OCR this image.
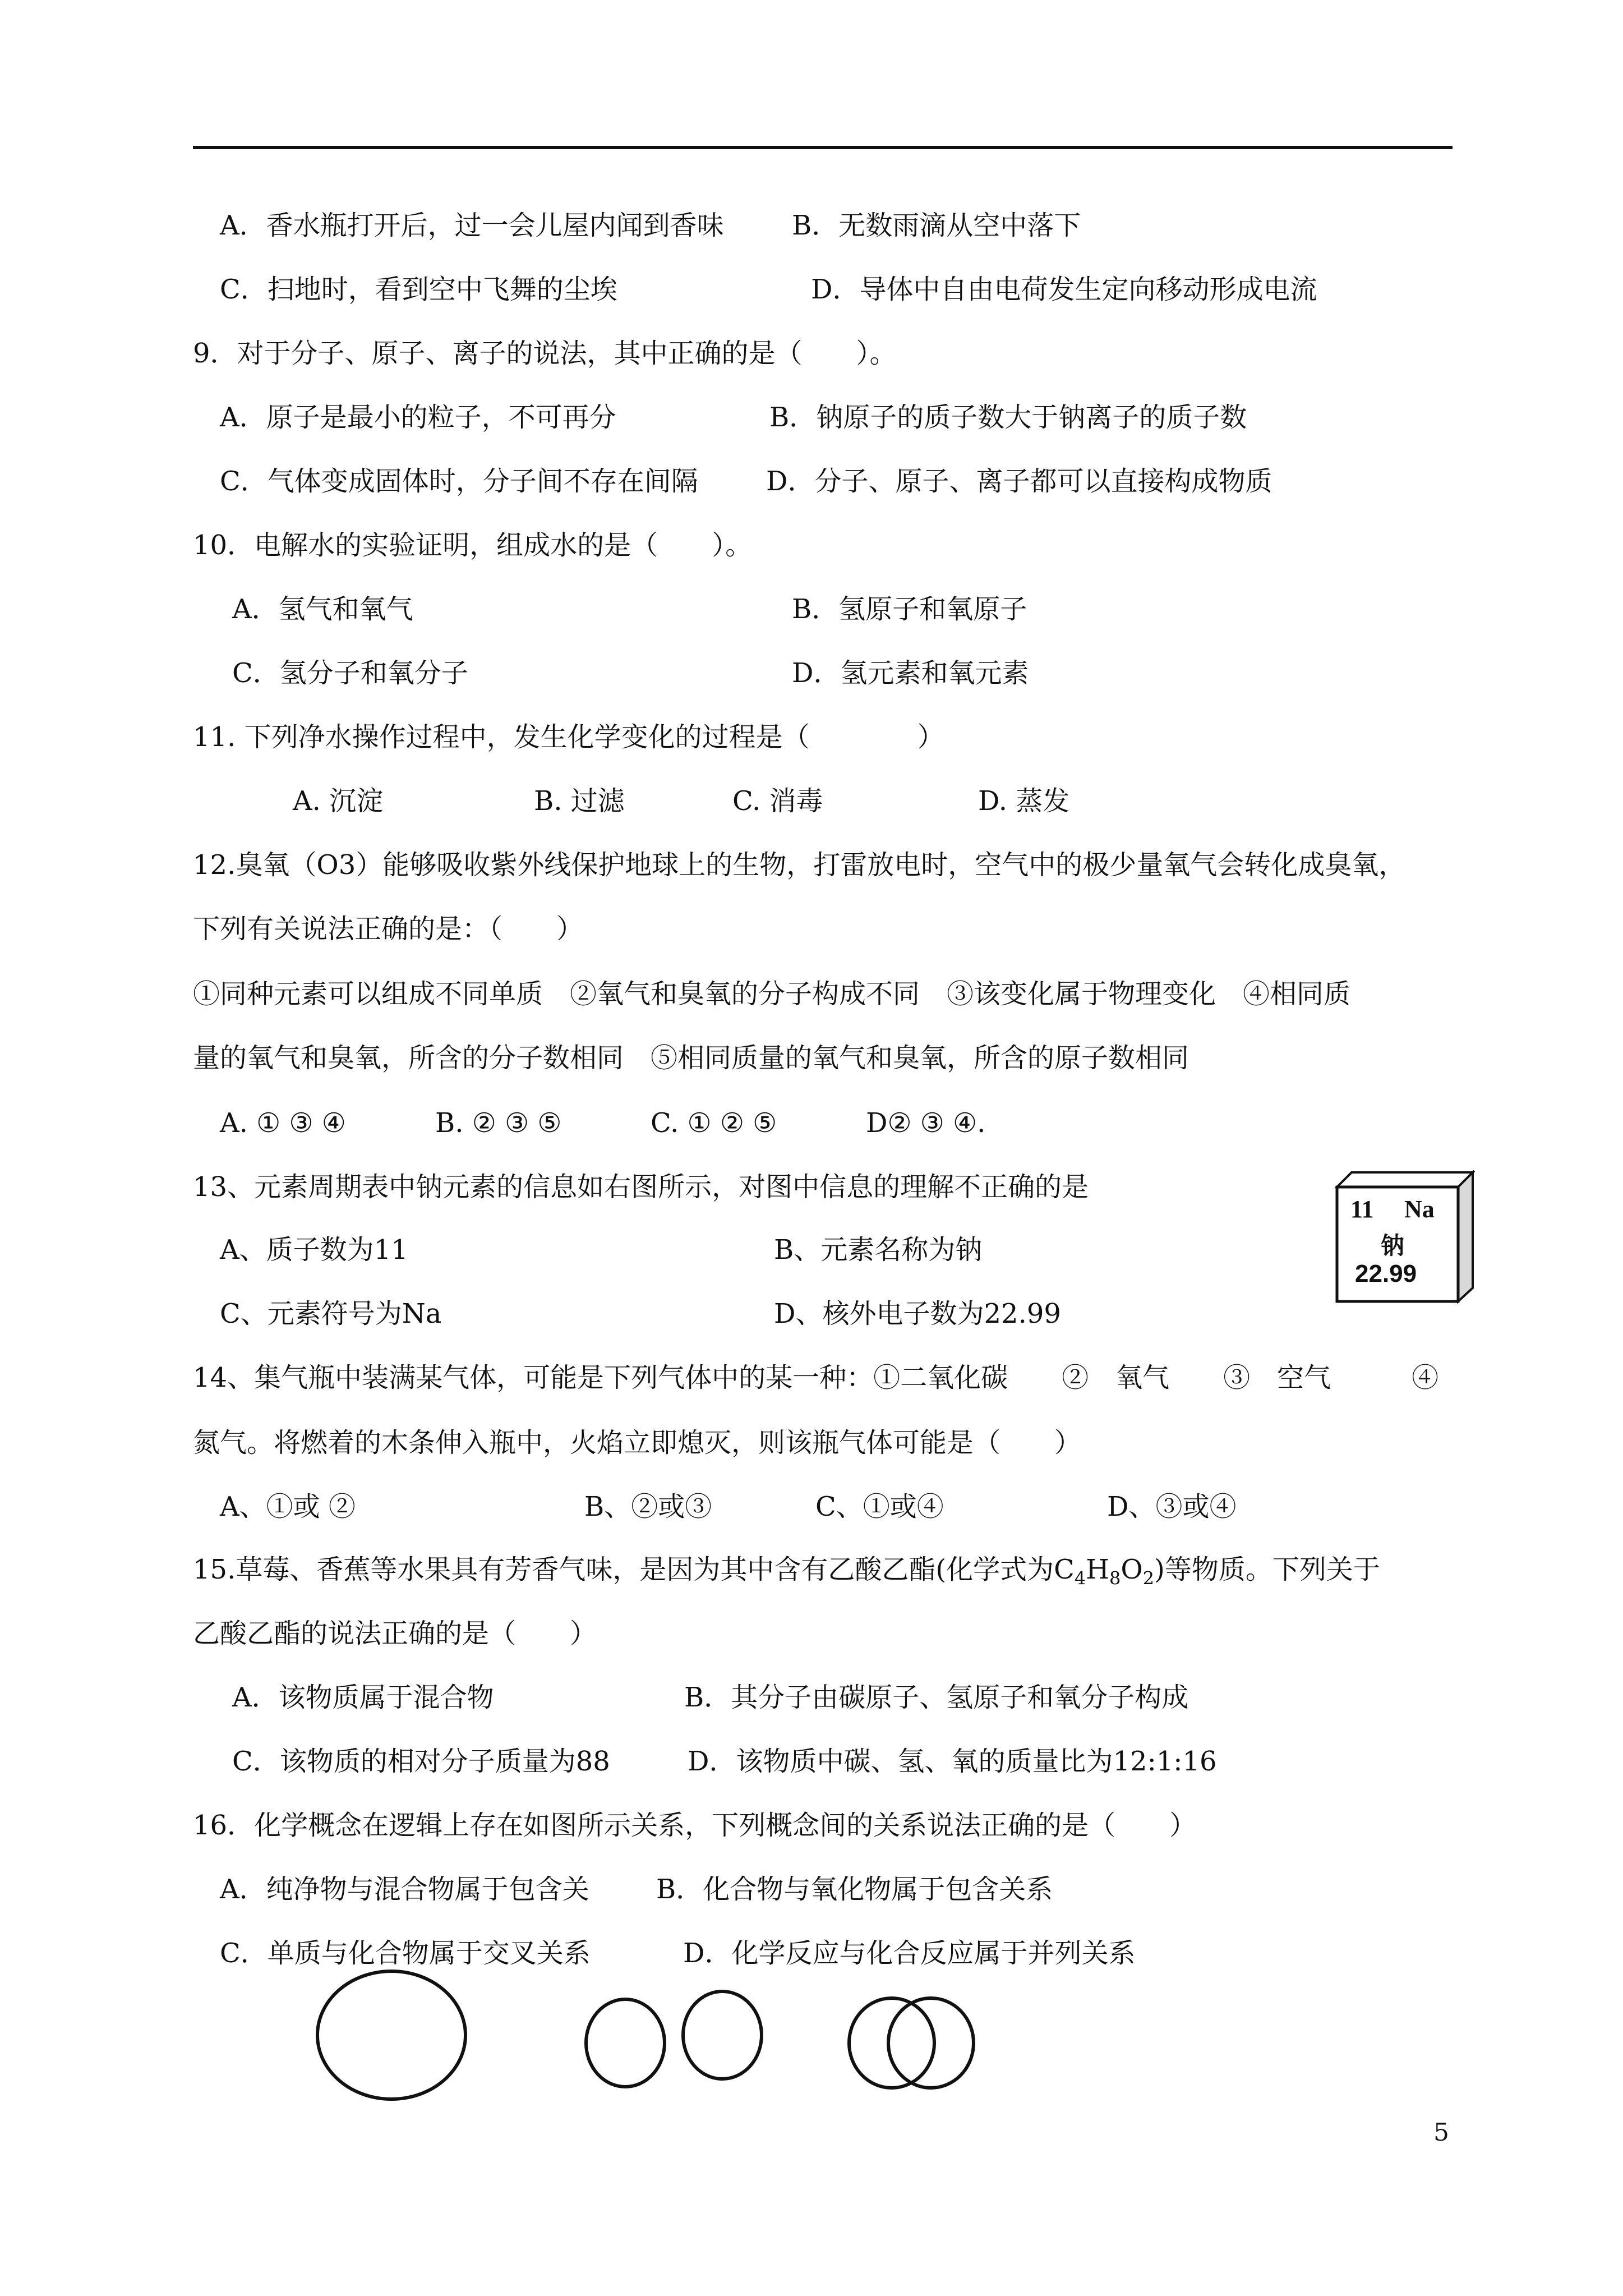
A．香水瓶打开后，过一会儿屋内闻到香味	B．无数雨滴从空中落下
C．扫地时，看到空中飞舞的尘埃	D．导体中自由电荷发生定向移动形成电流
9．对于分子、原子、离子的说法，其中正确的是（　　）。
A．原子是最小的粒子，不可再分	B．钠原子的质子数大于钠离子的质子数
C．气体变成固体时，分子间不存在间隔	D．分子、原子、离子都可以直接构成物质
10．电解水的实验证明，组成水的是（　　）。
A．氢气和氧气	B．氢原子和氧原子
C．氢分子和氧分子	D．氢元素和氧元素
11. 下列净水操作过程中，发生化学变化的过程是（　　　　）
A. 沉淀	B. 过滤	C. 消毒	D. 蒸发
12.臭氧（O3）能够吸收紫外线保护地球上的生物，打雷放电时，空气中的极少量氧气会转化成臭氧，
下列有关说法正确的是：（　　）
①同种元素可以组成不同单质　②氧气和臭氧的分子构成不同　③该变化属于物理变化　④相同质
量的氧气和臭氧，所含的分子数相同　⑤相同质量的氧气和臭氧，所含的原子数相同
A. ① ③ ④	B. ② ③ ⑤	C. ① ② ⑤	D② ③ ④.
13、元素周期表中钠元素的信息如右图所示，对图中信息的理解不正确的是
A、质子数为11	B、元素名称为钠
C、元素符号为Na	D、核外电子数为22.99
11 Na
钠
22.99
14、集气瓶中装满某气体，可能是下列气体中的某一种：①二氧化碳　　②　氧气　　③　空气　　　④
氮气。将燃着的木条伸入瓶中，火焰立即熄灭，则该瓶气体可能是（　　）
A、①或 ②	B、②或③	C、①或④	D、③或④
15.草莓、香蕉等水果具有芳香气味，是因为其中含有乙酸乙酯(化学式为$C_4H_8O_2$)等物质。下列关于
乙酸乙酯的说法正确的是（　　）
A．该物质属于混合物	B．其分子由碳原子、氢原子和氧分子构成
C．该物质的相对分子质量为88	D．该物质中碳、氢、氧的质量比为12:1:16
16．化学概念在逻辑上存在如图所示关系，下列概念间的关系说法正确的是（　　）
A．纯净物与混合物属于包含关 B．化合物与氧化物属于包含关系
C．单质与化合物属于交叉关系	D．化学反应与化合反应属于并列关系
5
